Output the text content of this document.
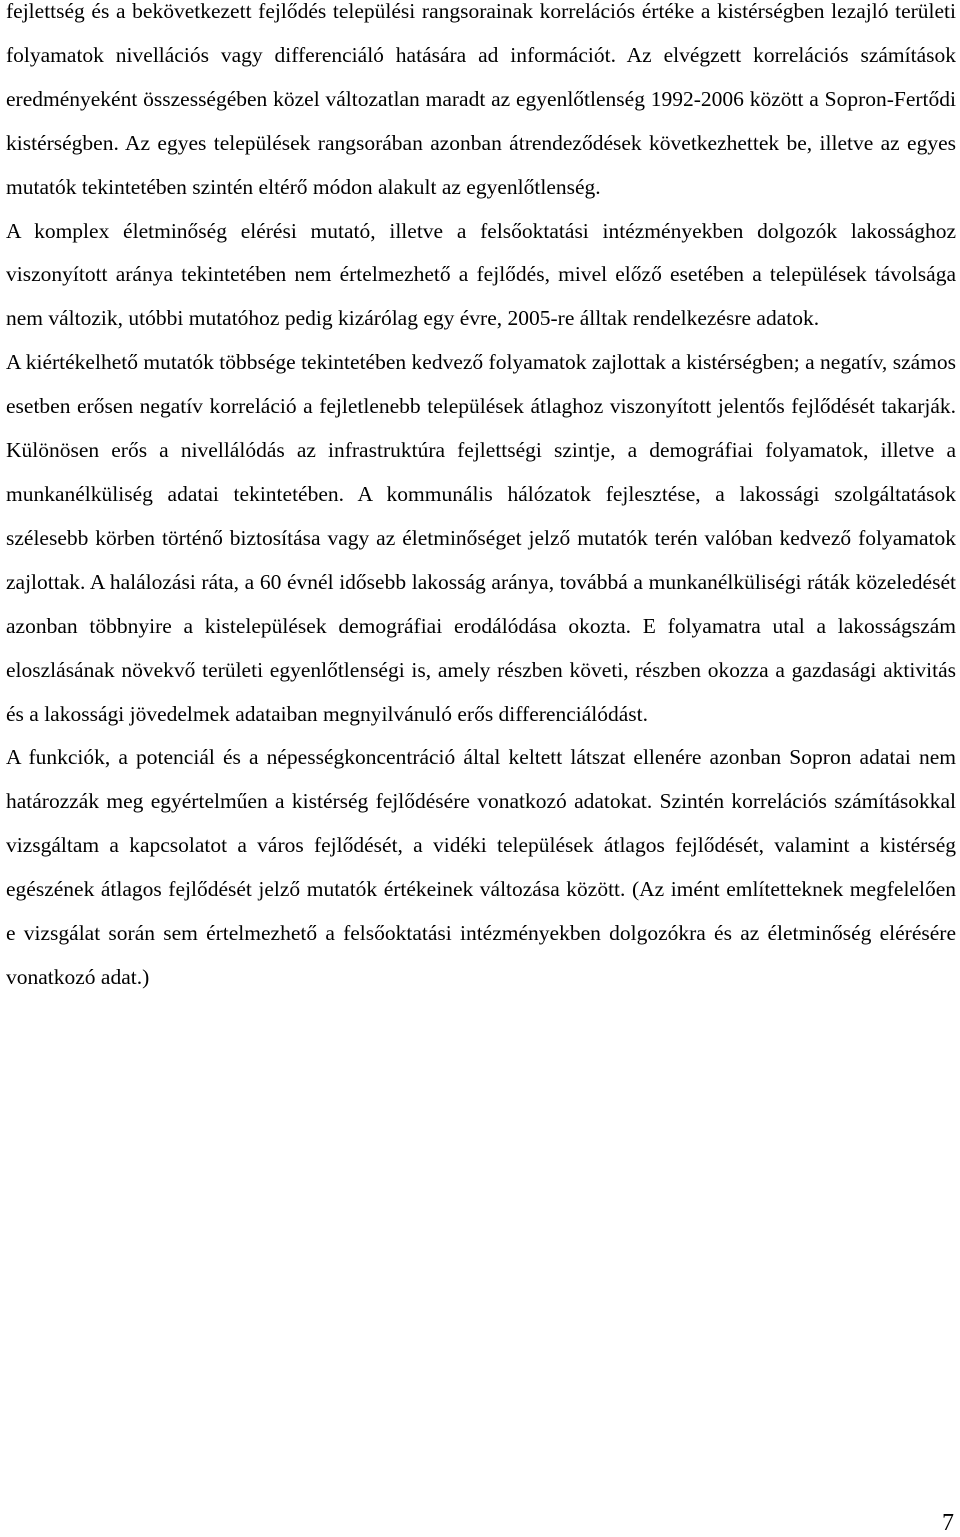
fejlettség és a bekövetkezett fejlődés települési rangsorainak korrelációs értéke a kistérségben lezajló területi folyamatok nivellációs vagy differenciáló hatására ad információt. Az elvégzett korrelációs számítások eredményeként összességében közel változatlan maradt az egyenlőtlenség 1992-2006 között a Sopron-Fertődi kistérségben. Az egyes települések rangsorában azonban átrendeződések következhettek be, illetve az egyes mutatók tekintetében szintén eltérő módon alakult az egyenlőtlenség.

A komplex életminőség elérési mutató, illetve a felsőoktatási intézményekben dolgozók lakossághoz viszonyított aránya tekintetében nem értelmezhető a fejlődés, mivel előző esetében a települések távolsága nem változik, utóbbi mutatóhoz pedig kizárólag egy évre, 2005-re álltak rendelkezésre adatok.

A kiértékelhető mutatók többsége tekintetében kedvező folyamatok zajlottak a kistérségben; a negatív, számos esetben erősen negatív korreláció a fejletlenebb települések átlaghoz viszonyított jelentős fejlődését takarják. Különösen erős a nivellálódás az infrastruktúra fejlettségi szintje, a demográfiai folyamatok, illetve a munkanélküliség adatai tekintetében. A kommunális hálózatok fejlesztése, a lakossági szolgáltatások szélesebb körben történő biztosítása vagy az életminőséget jelző mutatók terén valóban kedvező folyamatok zajlottak. A halálozási ráta, a 60 évnél idősebb lakosság aránya, továbbá a munkanélküliségi ráták közeledését azonban többnyire a kistelepülések demográfiai erodálódása okozta. E folyamatra utal a lakosságszám eloszlásának növekvő területi egyenlőtlenségi is, amely részben követi, részben okozza a gazdasági aktivitás és a lakossági jövedelmek adataiban megnyilvánuló erős differenciálódást.

A funkciók, a potenciál és a népességkoncentráció által keltett látszat ellenére azonban Sopron adatai nem határozzák meg egyértelműen a kistérség fejlődésére vonatkozó adatokat. Szintén korrelációs számításokkal vizsgáltam a kapcsolatot a város fejlődését, a vidéki települések átlagos fejlődését, valamint a kistérség egészének átlagos fejlődését jelző mutatók értékeinek változása között. (Az imént említetteknek megfelelően e vizsgálat során sem értelmezhető a felsőoktatási intézményekben dolgozókra és az életminőség elérésére vonatkozó adat.)

7
